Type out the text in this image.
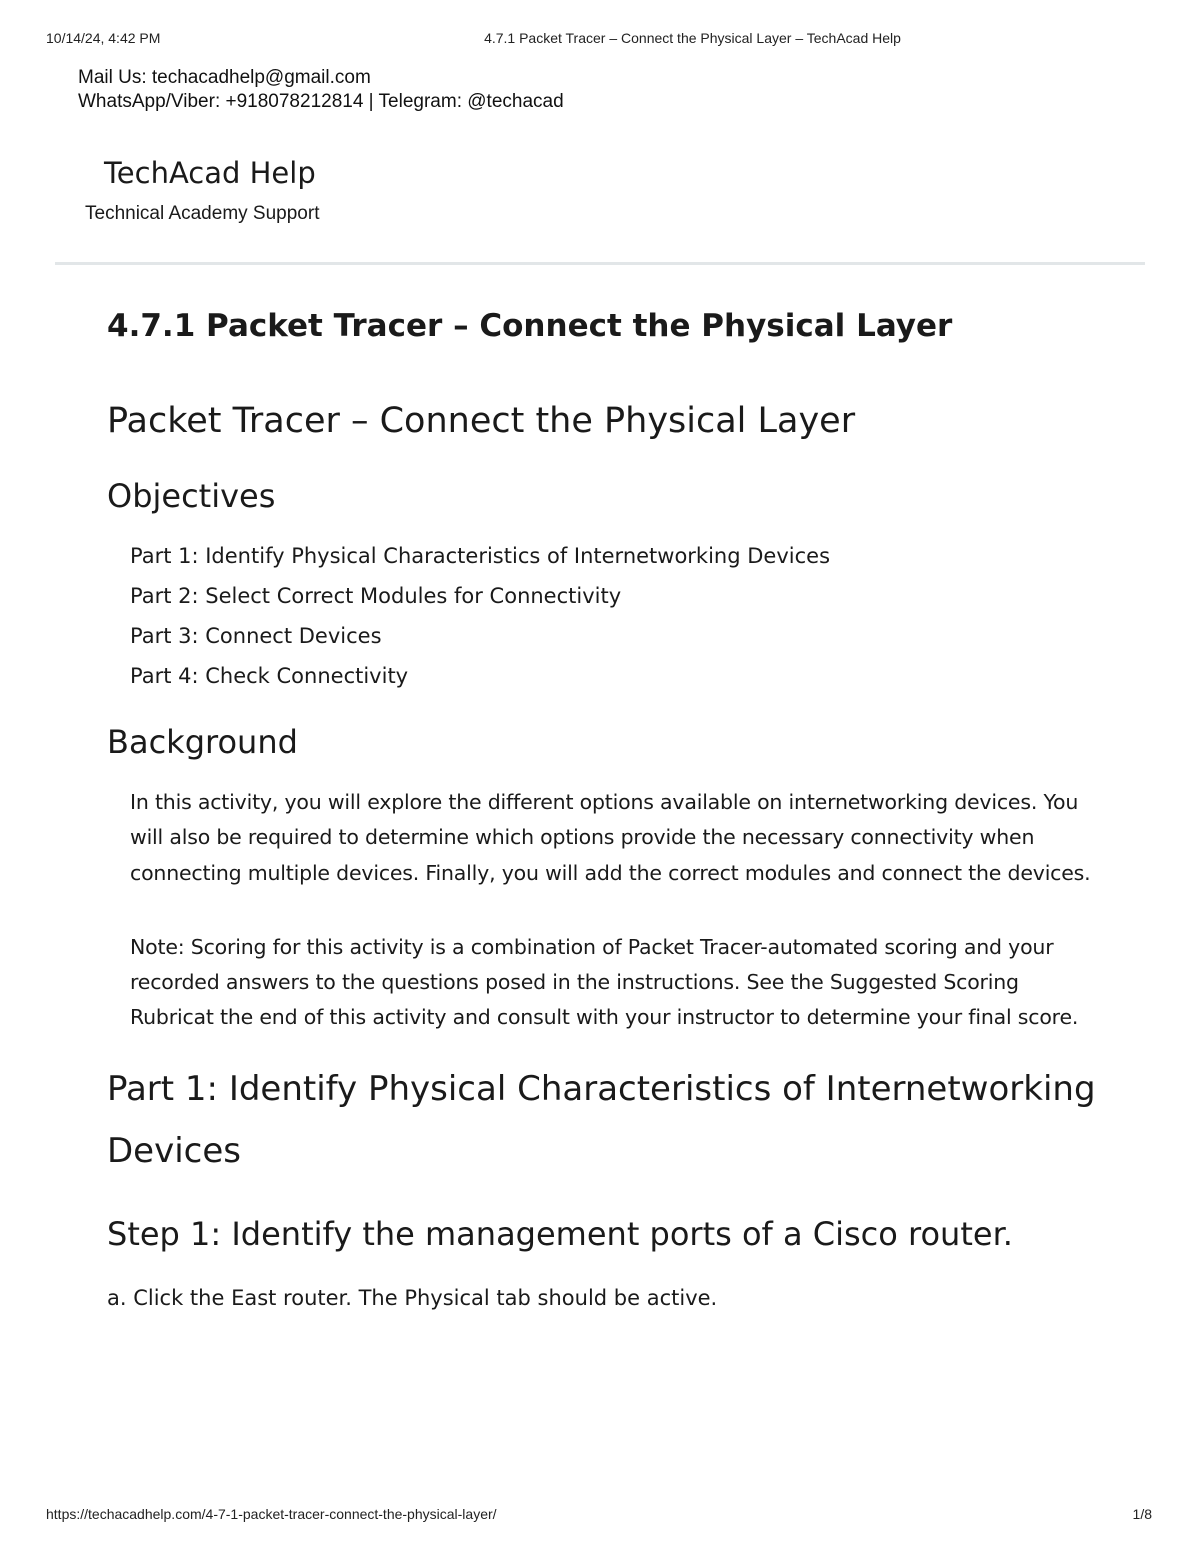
10/14/24, 4:42 PM	4.7.1 Packet Tracer – Connect the Physical Layer – TechAcad Help
Mail Us: techacadhelp@gmail.com
WhatsApp/Viber: +918078212814 | Telegram: @techacad
TechAcad Help
Technical Academy Support
4.7.1 Packet Tracer – Connect the Physical Layer
Packet Tracer – Connect the Physical Layer
Objectives
Part 1: Identify Physical Characteristics of Internetworking Devices
Part 2: Select Correct Modules for Connectivity
Part 3: Connect Devices
Part 4: Check Connectivity
Background

In this activity, you will explore the different options available on internetworking devices. You will also be required to determine which options provide the necessary connectivity when connecting multiple devices. Finally, you will add the correct modules and connect the devices.

Note: Scoring for this activity is a combination of Packet Tracer-automated scoring and your recorded answers to the questions posed in the instructions. See the Suggested Scoring Rubricat the end of this activity and consult with your instructor to determine your final score.

Part 1: Identify Physical Characteristics of Internetworking Devices
Step 1: Identify the management ports of a Cisco router.

a. Click the East router. The Physical tab should be active.

https://techacadhelp.com/4-7-1-packet-tracer-connect-the-physical-layer/	1/8
